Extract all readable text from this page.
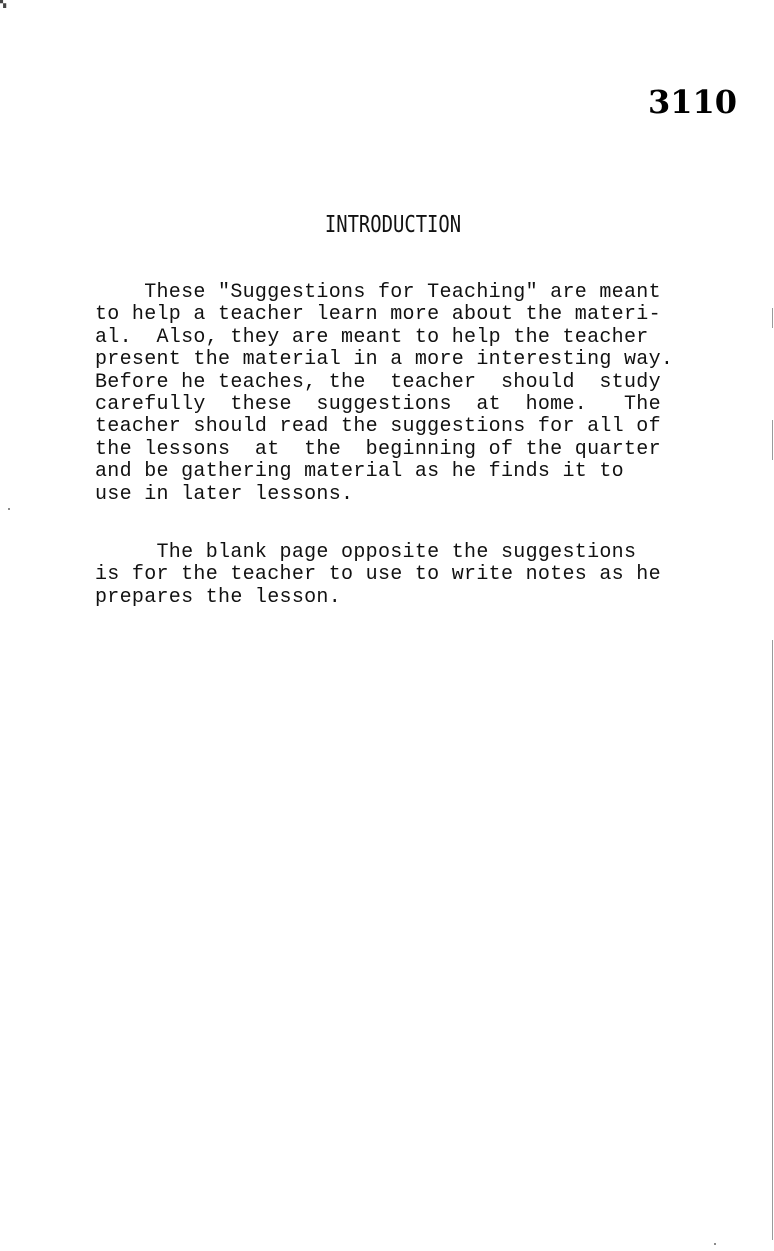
▚
3110
INTRODUCTION
These "Suggestions for Teaching" are meant
to help a teacher learn more about the materi-
al.  Also, they are meant to help the teacher
present the material in a more interesting way.
Before he teaches, the  teacher  should  study
carefully  these  suggestions  at  home.   The
teacher should read the suggestions for all of
the lessons  at  the  beginning of the quarter
and be gathering material as he finds it to
use in later lessons.
The blank page opposite the suggestions
is for the teacher to use to write notes as he
prepares the lesson.
